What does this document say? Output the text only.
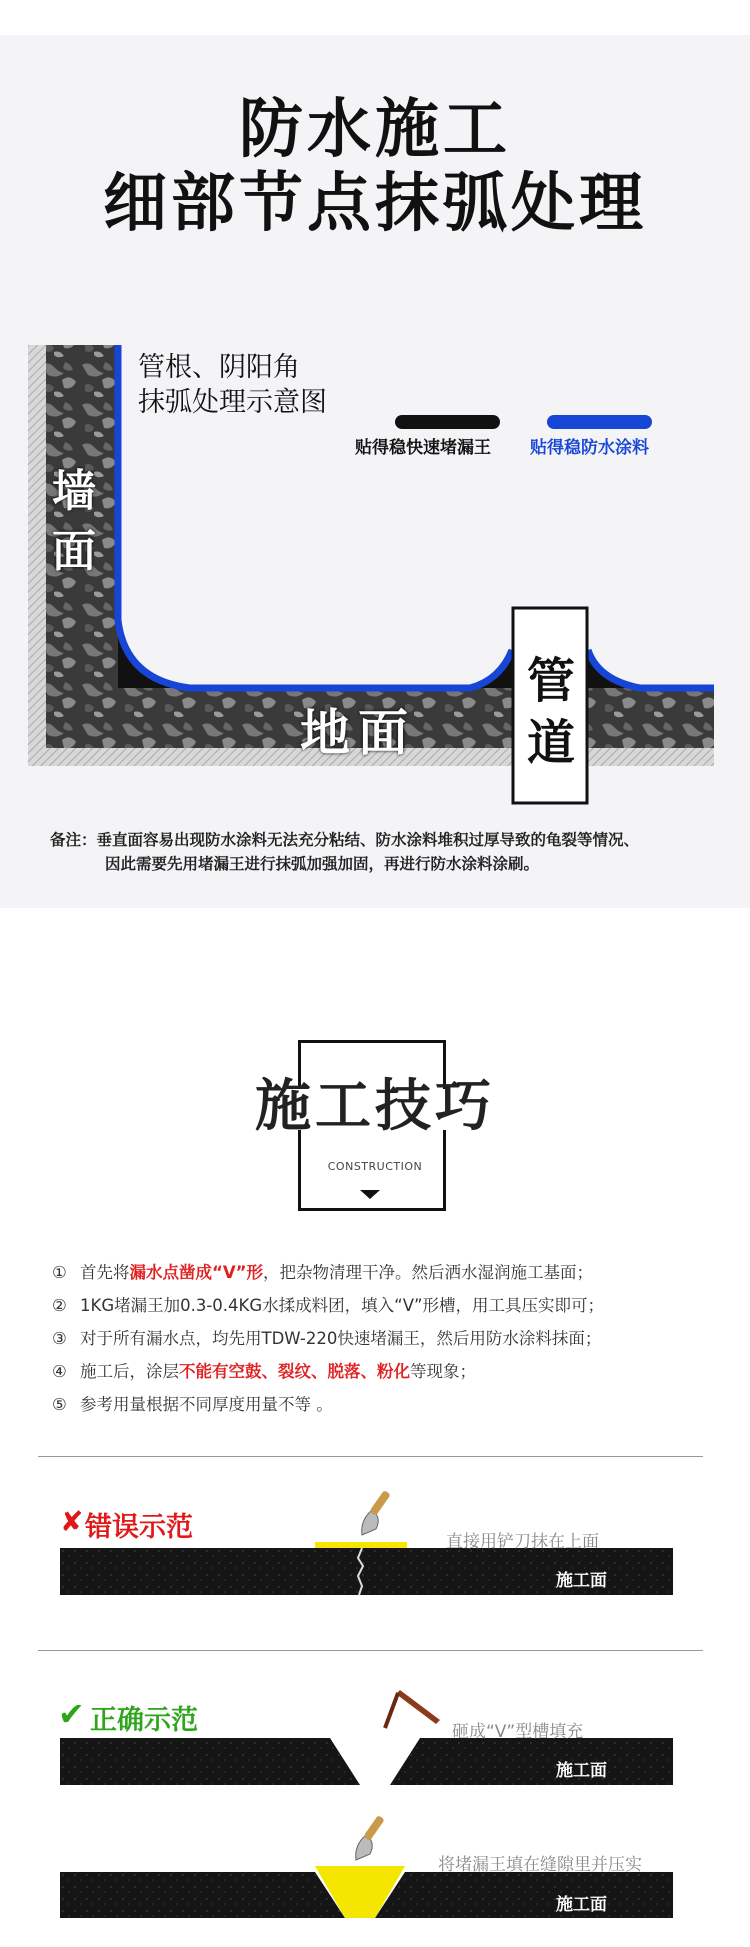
防水施工
细部节点抹弧处理
管根、阴阳角
抹弧处理示意图
贴得稳快速堵漏王 贴得稳防水涂料
墙面
地面
管道
备注：垂直面容易出现防水涂料无法充分粘结、防水涂料堆积过厚导致的龟裂等情况、
因此需要先用堵漏王进行抹弧加强加固，再进行防水涂料涂刷。
施工技巧
CONSTRUCTION
① 首先将漏水点凿成“V”形，把杂物清理干净。然后洒水湿润施工基面；
② 1KG堵漏王加0.3-0.4KG水揉成料团，填入“V”形槽，用工具压实即可；
③ 对于所有漏水点，均先用TDW-220快速堵漏王，然后用防水涂料抹面；
④ 施工后，涂层不能有空鼓、裂纹、脱落、粉化等现象；
⑤ 参考用量根据不同厚度用量不等 。
✘ 错误示范	直接用铲刀抹在上面
施工面
✔ 正确示范	砸成“V”型槽填充
施工面
将堵漏王填在缝隙里并压实
施工面
